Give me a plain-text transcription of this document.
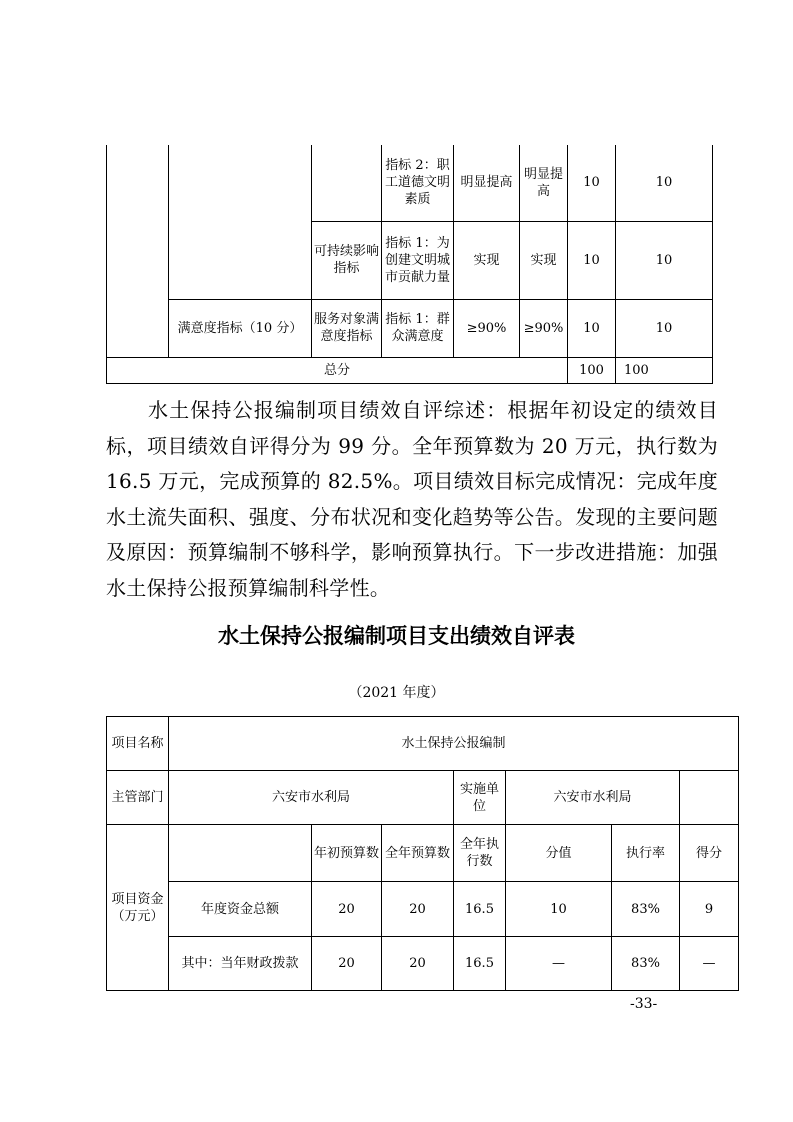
			指标 2：职工道德文明素质	明显提高	明显提高	10	10
		可持续影响指标	指标 1：为创建文明城市贡献力量	实现	实现	10	10
	满意度指标（10 分）	服务对象满意度指标	指标 1：群众满意度	≥90%	≥90%	10	10
总分						100	100

水土保持公报编制项目绩效自评综述：根据年初设定的绩效目标，项目绩效自评得分为 99 分。全年预算数为 20 万元，执行数为 16.5 万元，完成预算的 82.5%。项目绩效目标完成情况：完成年度水土流失面积、强度、分布状况和变化趋势等公告。发现的主要问题及原因：预算编制不够科学，影响预算执行。下一步改进措施：加强水土保持公报预算编制科学性。

水土保持公报编制项目支出绩效自评表
（2021 年度）
项目名称	水土保持公报编制						
主管部门	六安市水利局			实施单位	六安市水利局		
项目资金（万元）		年初预算数	全年预算数	全年执行数	分值	执行率	得分
	年度资金总额	20	20	16.5	10	83%	9
	其中：当年财政拨款	20	20	16.5	—	83%	—
-33-
